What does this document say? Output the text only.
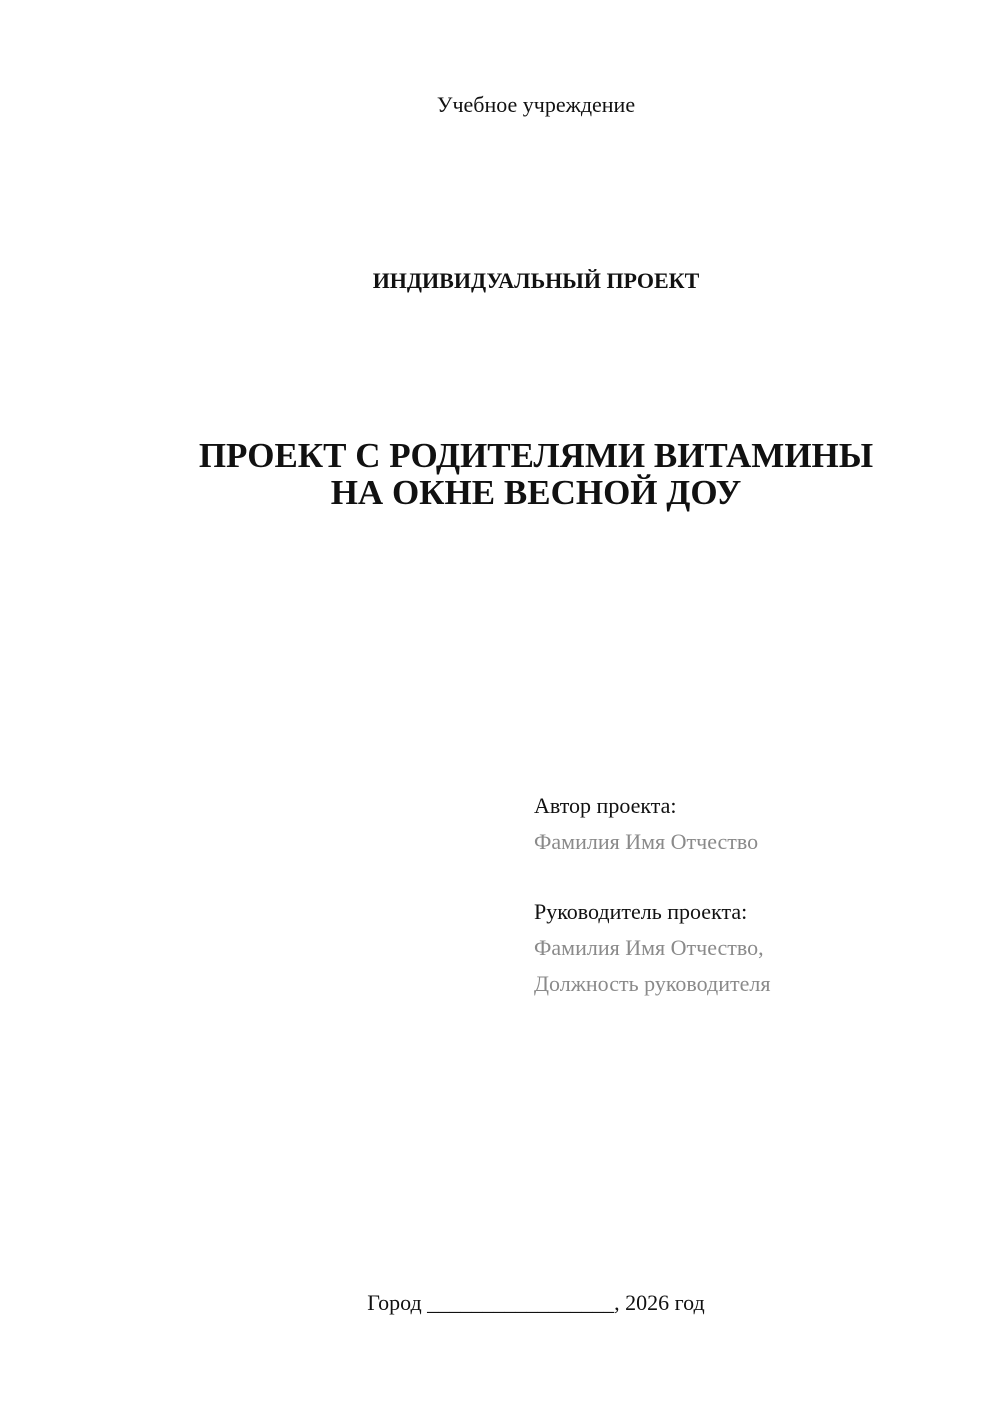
Учебное учреждение
ИНДИВИДУАЛЬНЫЙ ПРОЕКТ
ПРОЕКТ С РОДИТЕЛЯМИ ВИТАМИНЫ
НА ОКНЕ ВЕСНОЙ ДОУ
Автор проекта:
Фамилия Имя Отчество
Руководитель проекта:
Фамилия Имя Отчество,
Должность руководителя
Город _________________, 2026 год
